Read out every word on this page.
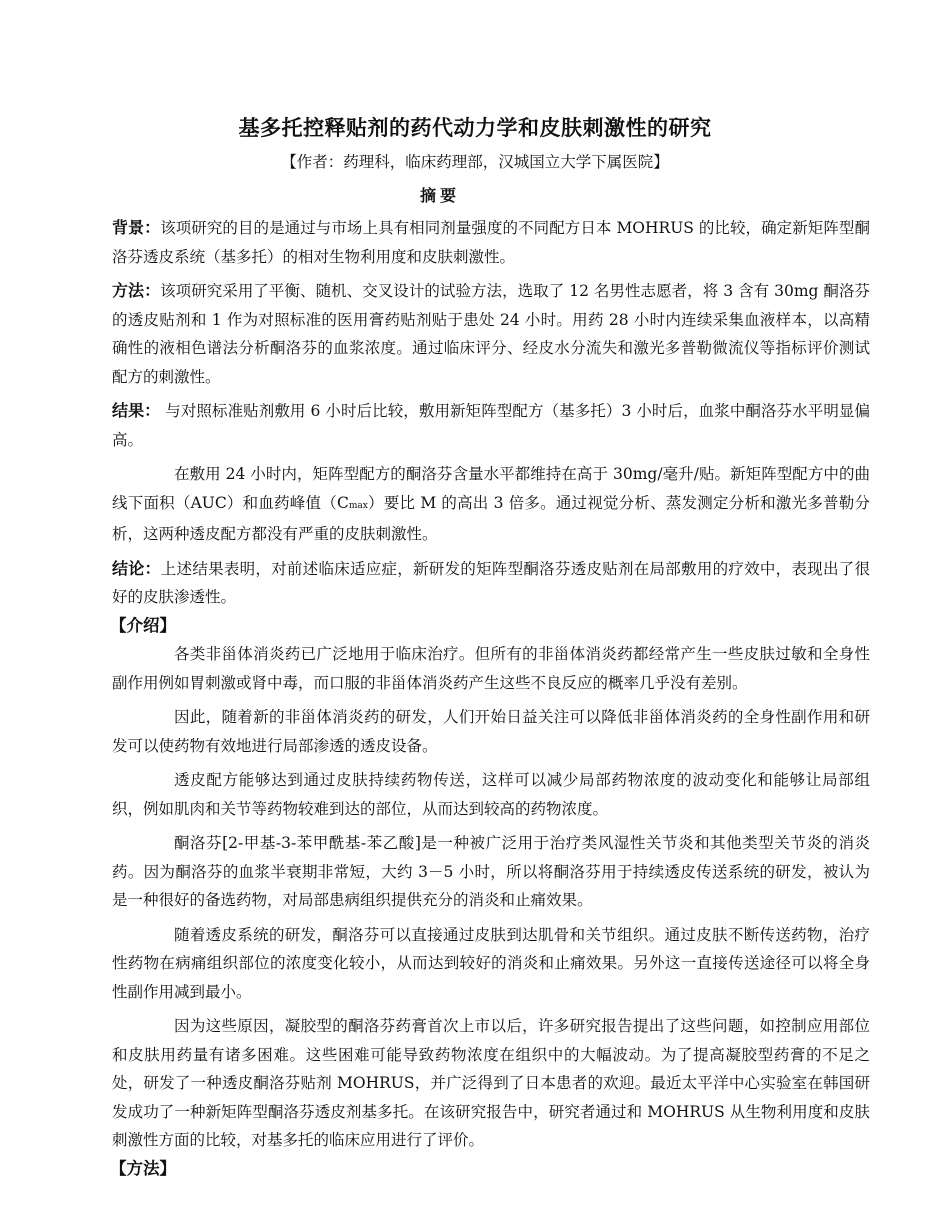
基多托控释贴剂的药代动力学和皮肤刺激性的研究
【作者：药理科，临床药理部，汉城国立大学下属医院】
摘要

背景：该项研究的目的是通过与市场上具有相同剂量强度的不同配方日本 MOHRUS 的比较，确定新矩阵型酮洛芬透皮系统（基多托）的相对生物利用度和皮肤刺激性。

方法：该项研究采用了平衡、随机、交叉设计的试验方法，选取了 12 名男性志愿者，将 3 含有 30mg 酮洛芬的透皮贴剂和 1 作为对照标准的医用膏药贴剂贴于患处 24 小时。用药 28 小时内连续采集血液样本，以高精确性的液相色谱法分析酮洛芬的血浆浓度。通过临床评分、经皮水分流失和激光多普勒微流仪等指标评价测试配方的刺激性。

结果： 与对照标准贴剂敷用 6 小时后比较，敷用新矩阵型配方（基多托）3 小时后，血浆中酮洛芬水平明显偏高。

在敷用 24 小时内，矩阵型配方的酮洛芬含量水平都维持在高于 30mg/毫升/贴。新矩阵型配方中的曲线下面积（AUC）和血药峰值（Cmax）要比 M 的高出 3 倍多。通过视觉分析、蒸发测定分析和激光多普勒分析，这两种透皮配方都没有严重的皮肤刺激性。

结论：上述结果表明，对前述临床适应症，新研发的矩阵型酮洛芬透皮贴剂在局部敷用的疗效中，表现出了很好的皮肤渗透性。

【介绍】

各类非甾体消炎药已广泛地用于临床治疗。但所有的非甾体消炎药都经常产生一些皮肤过敏和全身性副作用例如胃刺激或肾中毒，而口服的非甾体消炎药产生这些不良反应的概率几乎没有差别。

因此，随着新的非甾体消炎药的研发，人们开始日益关注可以降低非甾体消炎药的全身性副作用和研发可以使药物有效地进行局部渗透的透皮设备。

透皮配方能够达到通过皮肤持续药物传送，这样可以减少局部药物浓度的波动变化和能够让局部组织，例如肌肉和关节等药物较难到达的部位，从而达到较高的药物浓度。

酮洛芬[2-甲基-3-苯甲酰基-苯乙酸]是一种被广泛用于治疗类风湿性关节炎和其他类型关节炎的消炎药。因为酮洛芬的血浆半衰期非常短，大约 3－5 小时，所以将酮洛芬用于持续透皮传送系统的研发，被认为是一种很好的备选药物，对局部患病组织提供充分的消炎和止痛效果。

随着透皮系统的研发，酮洛芬可以直接通过皮肤到达肌骨和关节组织。通过皮肤不断传送药物，治疗性药物在病痛组织部位的浓度变化较小，从而达到较好的消炎和止痛效果。另外这一直接传送途径可以将全身性副作用减到最小。

因为这些原因，凝胶型的酮洛芬药膏首次上市以后，许多研究报告提出了这些问题，如控制应用部位和皮肤用药量有诸多困难。这些困难可能导致药物浓度在组织中的大幅波动。为了提高凝胶型药膏的不足之处，研发了一种透皮酮洛芬贴剂 MOHRUS，并广泛得到了日本患者的欢迎。最近太平洋中心实验室在韩国研发成功了一种新矩阵型酮洛芬透皮剂基多托。在该研究报告中，研究者通过和 MOHRUS 从生物利用度和皮肤刺激性方面的比较，对基多托的临床应用进行了评价。

【方法】
